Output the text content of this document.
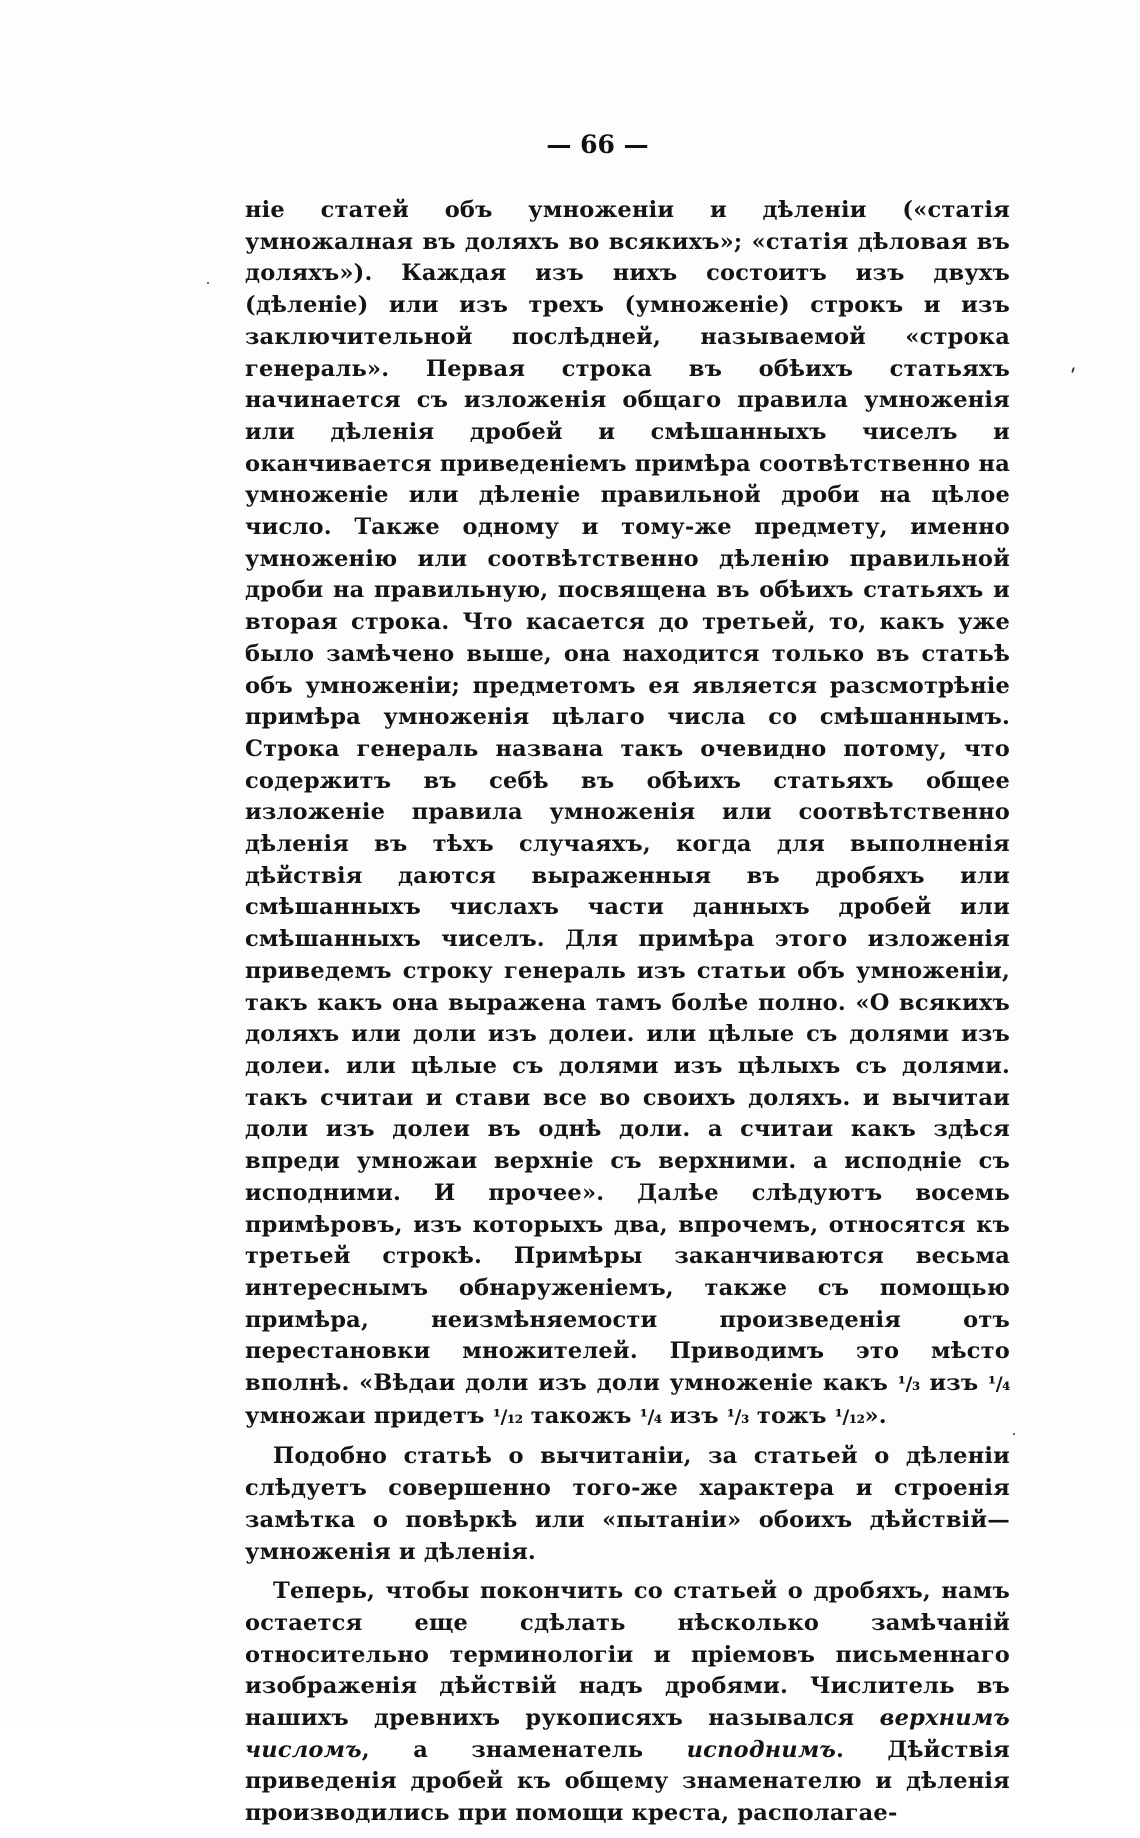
— 66 —

ніе статей объ умноженіи и дѣленіи («статія умножалная въ доляхъ во всякихъ»; «статія дѣловая въ доляхъ»). Каждая изъ нихъ состоитъ изъ двухъ (дѣленіе) или изъ трехъ (умноженіе) строкъ и изъ заключительной послѣдней, называемой «строка генераль». Первая строка въ обѣихъ статьяхъ начинается съ изложенія общаго правила умноженія или дѣленія дробей и смѣшанныхъ чиселъ и оканчивается приведеніемъ примѣра соотвѣтственно на умноженіе или дѣленіе правильной дроби на цѣлое число. Также одному и тому-же предмету, именно умноженію или соотвѣтственно дѣленію правильной дроби на правильную, посвящена въ обѣихъ статьяхъ и вторая строка. Что касается до третьей, то, какъ уже было замѣчено выше, она находится только въ статьѣ объ умноженіи; предметомъ ея является разсмотрѣніе примѣра умноженія цѣлаго числа со смѣшаннымъ. Строка генераль названа такъ очевидно потому, что содержитъ въ себѣ въ обѣихъ статьяхъ общее изложеніе правила умноженія или соотвѣтственно дѣленія въ тѣхъ случаяхъ, когда для выполненія дѣйствія даются выраженныя въ дробяхъ или смѣшанныхъ числахъ части данныхъ дробей или смѣшанныхъ чиселъ. Для примѣра этого изложенія приведемъ строку генераль изъ статьи объ умноженіи, такъ какъ она выражена тамъ болѣе полно. «О всякихъ доляхъ или доли изъ долеи. или цѣлые съ долями изъ долеи. или цѣлые съ долями изъ цѣлыхъ съ долями. такъ считаи и стави все во своихъ доляхъ. и вычитаи доли изъ долеи въ однѣ доли. а считаи какъ здѣся впреди умножаи верхніе съ верхними. а исподніе съ исподними. И прочее». Далѣе слѣдуютъ восемь примѣровъ, изъ которыхъ два, впрочемъ, относятся къ третьей строкѣ. Примѣры заканчиваются весьма интереснымъ обнаруженіемъ, также съ помощью примѣра, неизмѣняемости произведенія отъ перестановки множителей. Приводимъ это мѣсто вполнѣ. «Вѣдаи доли изъ доли умноженіе какъ ¹/₃ изъ ¹/₄ умножаи придетъ ¹/₁₂ такожъ ¹/₄ изъ ¹/₃ тожъ ¹/₁₂».

Подобно статьѣ о вычитаніи, за статьей о дѣленіи слѣдуетъ совершенно того-же характера и строенія замѣтка о повѣркѣ или «пытаніи» обоихъ дѣйствій—умноженія и дѣленія.

Теперь, чтобы покончить со статьей о дробяхъ, намъ остается еще сдѣлать нѣсколько замѣчаній относительно терминологіи и пріемовъ письменнаго изображенія дѣйствій надъ дробями. Числитель въ нашихъ древнихъ рукописяхъ назывался верхнимъ числомъ, а знаменатель исподнимъ. Дѣйствія приведенія дробей къ общему знаменателю и дѣленія производились при помощи креста, располагае-
